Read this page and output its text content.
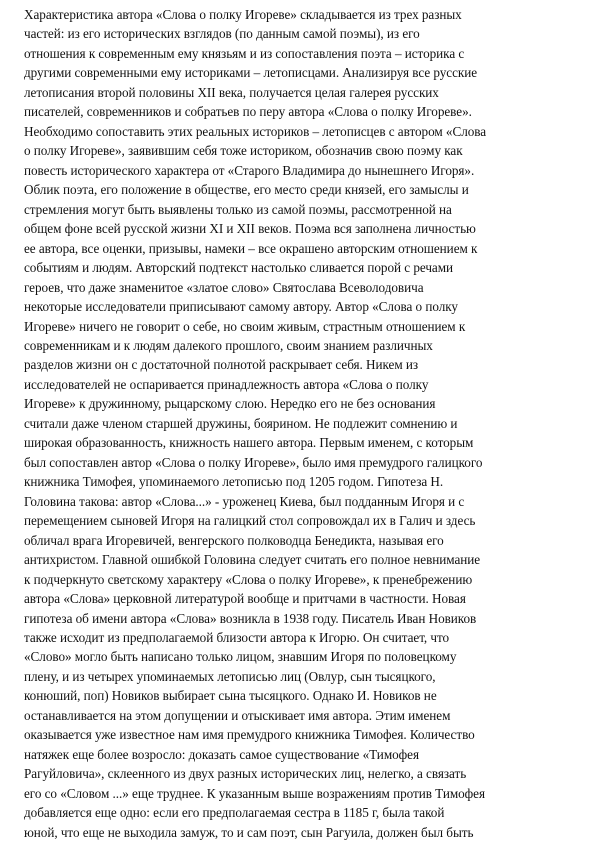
Характеристика автора «Слова о полку Игореве» складывается из трех разных
частей: из его исторических взглядов (по данным самой поэмы), из его
отношения к современным ему князьям и из сопоставления поэта – историка с
другими современными ему историками – летописцами. Анализируя все русские
летописания второй половины XII века, получается целая галерея русских
писателей, современников и собратьев по перу автора «Слова о полку Игореве».
Необходимо сопоставить этих реальных историков – летописцев с автором «Слова
о полку Игореве», заявившим себя тоже историком, обозначив свою поэму как
повесть исторического характера от «Старого Владимира до нынешнего Игоря».
Облик поэта, его положение в обществе, его место среди князей, его замыслы и
стремления могут быть выявлены только из самой поэмы, рассмотренной на
общем фоне всей русской жизни XI и XII веков. Поэма вся заполнена личностью
ее автора, все оценки, призывы, намеки – все окрашено авторским отношением к
событиям и людям. Авторский подтекст настолько сливается порой с речами
героев, что даже знаменитое «златое слово» Святослава Всеволодовича
некоторые исследователи приписывают самому автору. Автор «Слова о полку
Игореве» ничего не говорит о себе, но своим живым, страстным отношением к
современникам и к людям далекого прошлого, своим знанием различных
разделов жизни он с достаточной полнотой раскрывает себя. Никем из
исследователей не оспаривается принадлежность автора «Слова о полку
Игореве» к дружинному, рыцарскому слою. Нередко его не без основания
считали даже членом старшей дружины, боярином. Не подлежит сомнению и
широкая образованность, книжность нашего автора. Первым именем, с которым
был сопоставлен автор «Слова о полку Игореве», было имя премудрого галицкого
книжника Тимофея, упоминаемого летописью под 1205 годом. Гипотеза Н.
Головина такова: автор «Слова...» - уроженец Киева, был подданным Игоря и с
перемещением сыновей Игоря на галицкий стол сопровождал их в Галич и здесь
обличал врага Игоревичей, венгерского полководца Бенедикта, называя его
антихристом. Главной ошибкой Головина следует считать его полное невнимание
к подчеркнуто светскому характеру «Слова о полку Игореве», к пренебрежению
автора «Слова» церковной литературой вообще и притчами в частности. Новая
гипотеза об имени автора «Слова» возникла в 1938 году. Писатель Иван Новиков
также исходит из предполагаемой близости автора к Игорю. Он считает, что
«Слово» могло быть написано только лицом, знавшим Игоря по половецкому
плену, и из четырех упоминаемых летописью лиц (Овлур, сын тысяцкого,
конюший, поп) Новиков выбирает сына тысяцкого. Однако И. Новиков не
останавливается на этом допущении и отыскивает имя автора. Этим именем
оказывается уже известное нам имя премудрого книжника Тимофея. Количество
натяжек еще более возросло: доказать самое существование «Тимофея
Рагуйловича», склеенного из двух разных исторических лиц, нелегко, а связать
его со «Словом ...» еще труднее. К указанным выше возражениям против Тимофея
добавляется еще одно: если его предполагаемая сестра в 1185 г, была такой
юной, что еще не выходила замуж, то и сам поэт, сын Рагуила, должен был быть
